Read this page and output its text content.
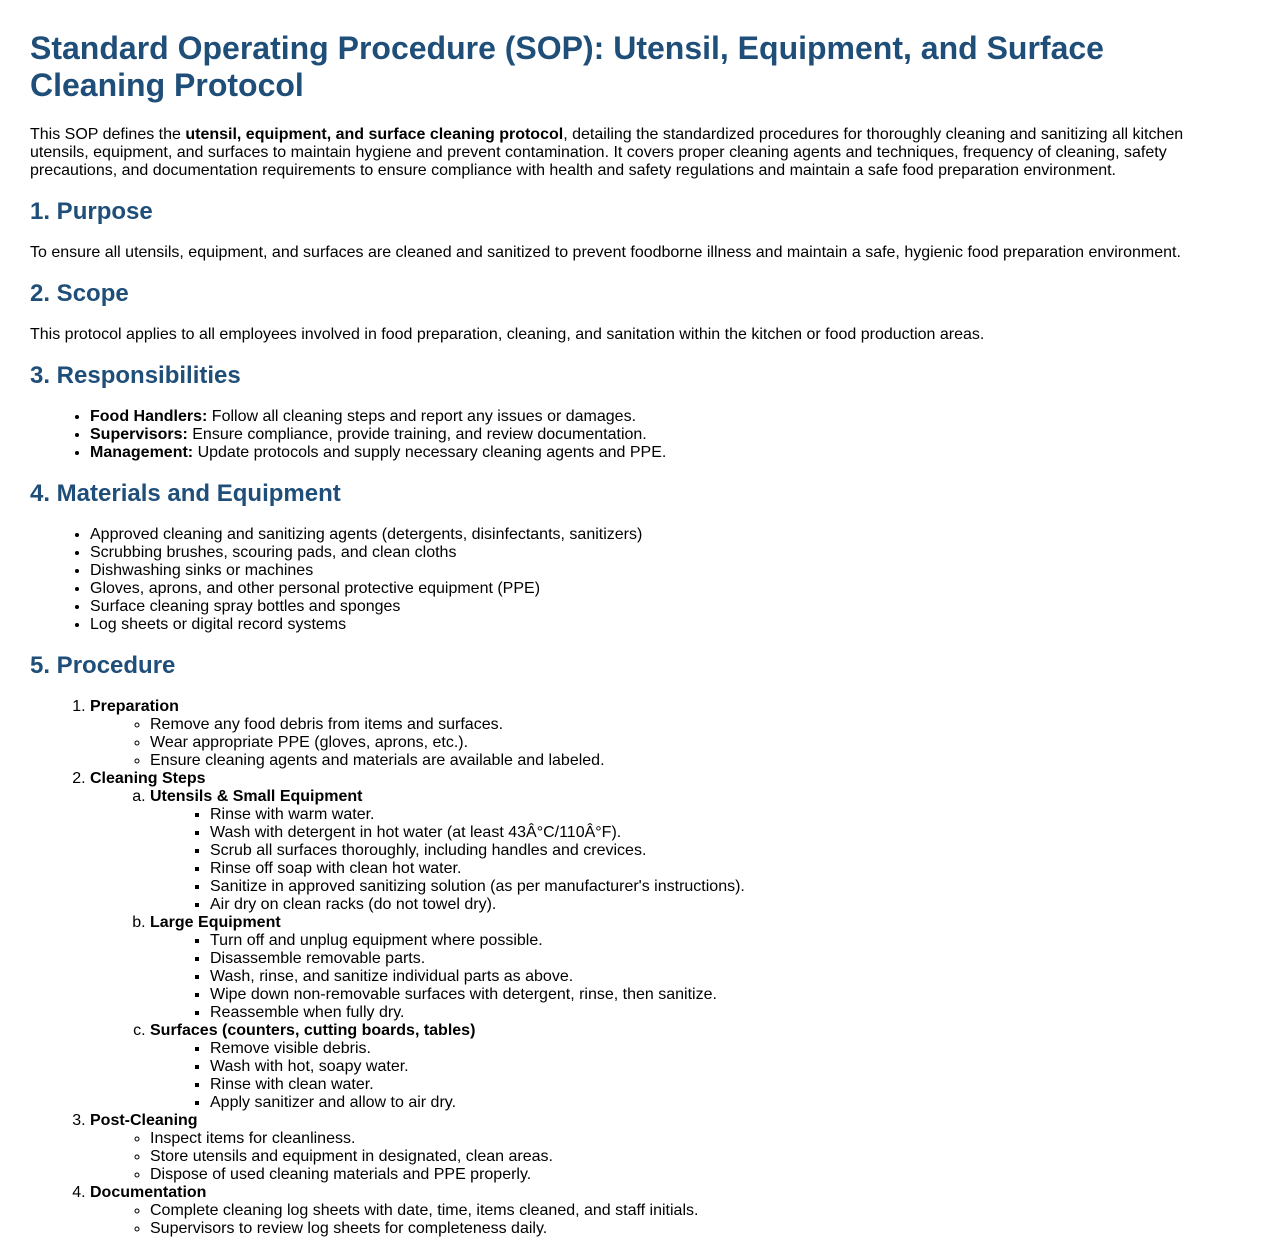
Standard Operating Procedure (SOP): Utensil, Equipment, and Surface Cleaning Protocol

This SOP defines the utensil, equipment, and surface cleaning protocol, detailing the standardized procedures for thoroughly cleaning and sanitizing all kitchen utensils, equipment, and surfaces to maintain hygiene and prevent contamination. It covers proper cleaning agents and techniques, frequency of cleaning, safety precautions, and documentation requirements to ensure compliance with health and safety regulations and maintain a safe food preparation environment.

1. Purpose

To ensure all utensils, equipment, and surfaces are cleaned and sanitized to prevent foodborne illness and maintain a safe, hygienic food preparation environment.

2. Scope

This protocol applies to all employees involved in food preparation, cleaning, and sanitation within the kitchen or food production areas.

3. Responsibilities
• Food Handlers: Follow all cleaning steps and report any issues or damages.
• Supervisors: Ensure compliance, provide training, and review documentation.
• Management: Update protocols and supply necessary cleaning agents and PPE.
4. Materials and Equipment
• Approved cleaning and sanitizing agents (detergents, disinfectants, sanitizers)
• Scrubbing brushes, scouring pads, and clean cloths
• Dishwashing sinks or machines
• Gloves, aprons, and other personal protective equipment (PPE)
• Surface cleaning spray bottles and sponges
• Log sheets or digital record systems
5. Procedure
1. Preparation
◦ Remove any food debris from items and surfaces.
◦ Wear appropriate PPE (gloves, aprons, etc.).
◦ Ensure cleaning agents and materials are available and labeled.
2. Cleaning Steps
a. Utensils & Small Equipment
▪ Rinse with warm water.
▪ Wash with detergent in hot water (at least 43Â°C/110Â°F).
▪ Scrub all surfaces thoroughly, including handles and crevices.
▪ Rinse off soap with clean hot water.
▪ Sanitize in approved sanitizing solution (as per manufacturer's instructions).
▪ Air dry on clean racks (do not towel dry).
b. Large Equipment
▪ Turn off and unplug equipment where possible.
▪ Disassemble removable parts.
▪ Wash, rinse, and sanitize individual parts as above.
▪ Wipe down non-removable surfaces with detergent, rinse, then sanitize.
▪ Reassemble when fully dry.
c. Surfaces (counters, cutting boards, tables)
▪ Remove visible debris.
▪ Wash with hot, soapy water.
▪ Rinse with clean water.
▪ Apply sanitizer and allow to air dry.
3. Post-Cleaning
◦ Inspect items for cleanliness.
◦ Store utensils and equipment in designated, clean areas.
◦ Dispose of used cleaning materials and PPE properly.
4. Documentation
◦ Complete cleaning log sheets with date, time, items cleaned, and staff initials.
◦ Supervisors to review log sheets for completeness daily.
